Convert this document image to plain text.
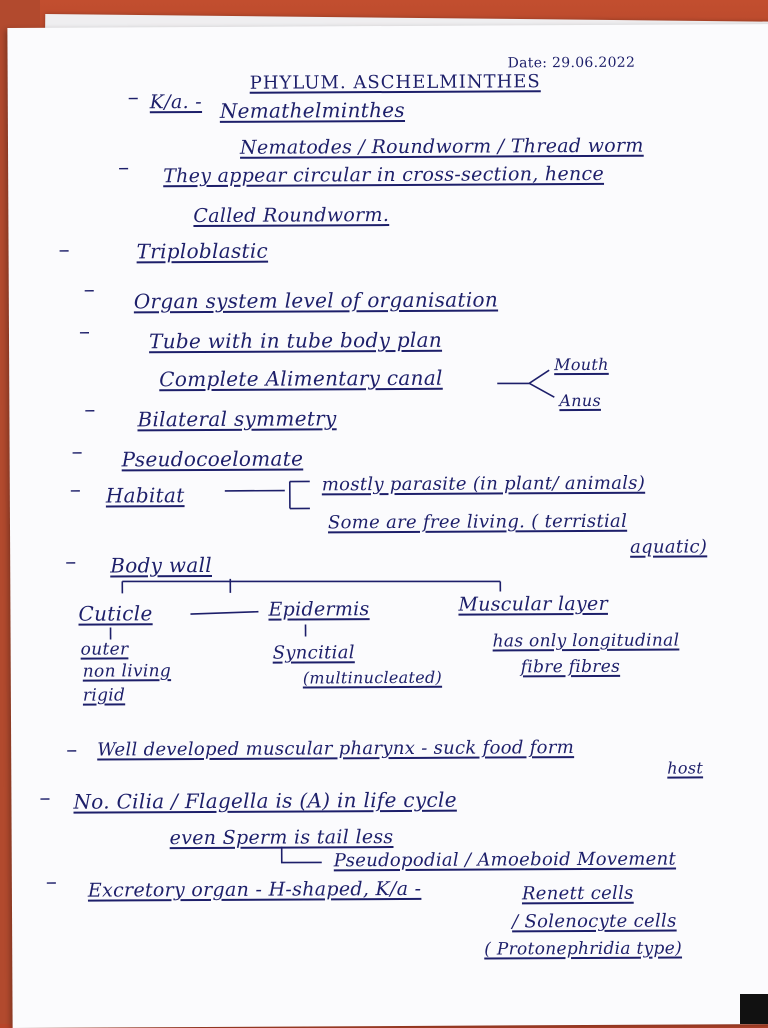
Date: 29.06.2022
PHYLUM. ASCHELMINTHES
– K/a. - Nemathelminthes
Nematodes / Roundworm / Thread worm
– They appear circular in cross-section, hence
Called Roundworm.
–	Triploblastic
– Organ system level of organisation
–	Tube with in tube body plan
Complete Alimentary canal
Mouth
Anus
– Bilateral symmetry
– Pseudocoelomate
– Habitat	mostly parasite (in plant/ animals)
Some are free living. ( terristial
aquatic)
– Body wall
Cuticle	Epidermis	Muscular layer
outer
non living
rigid
Syncitial
(multinucleated)
has only longitudinal
fibre fibres
– Well developed muscular pharynx - suck food form
host
– No. Cilia / Flagella is (A) in life cycle
even Sperm is tail less
Pseudopodial / Amoeboid Movement
– Excretory organ - H-shaped, K/a -	Renett cells
/ Solenocyte cells
( Protonephridia type)
